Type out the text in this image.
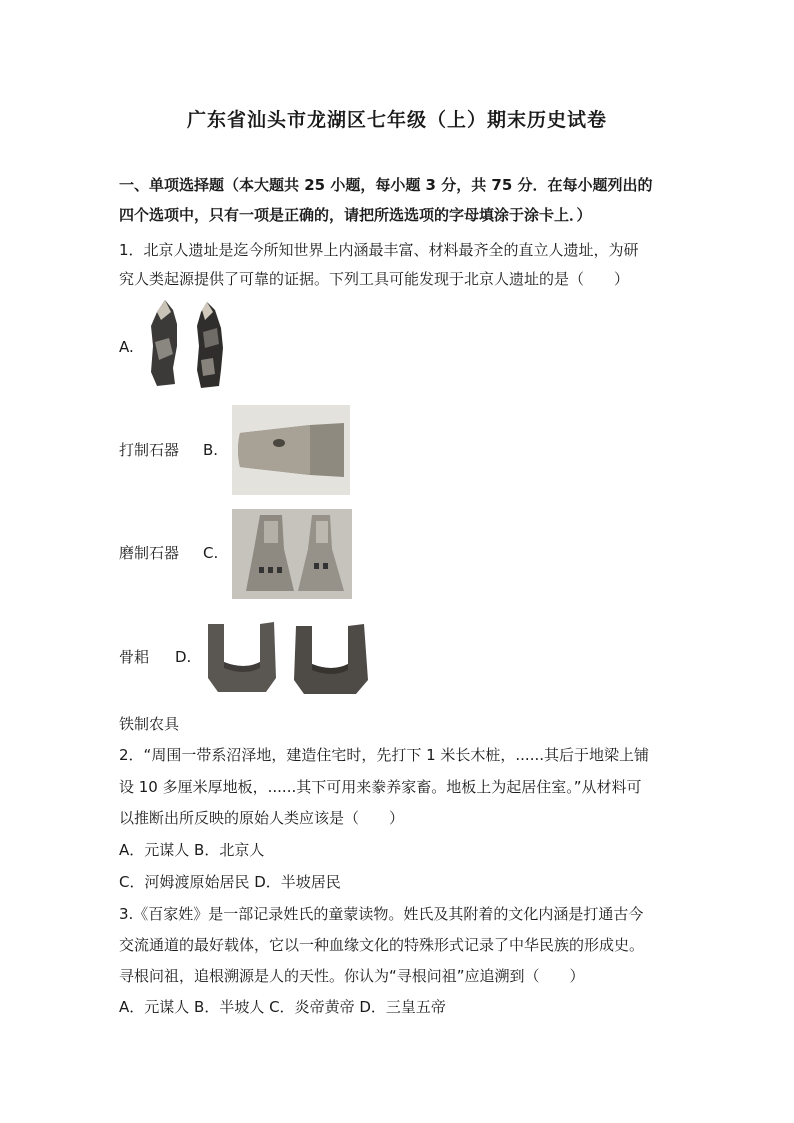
广东省汕头市龙湖区七年级（上）期末历史试卷
一、单项选择题（本大题共 25 小题，每小题 3 分，共 75 分．在每小题列出的
四个选项中，只有一项是正确的，请把所选选项的字母填涂于涂卡上．）
1．北京人遗址是迄今所知世界上内涵最丰富、材料最齐全的直立人遗址，为研
究人类起源提供了可靠的证据。下列工具可能发现于北京人遗址的是（　　）
A.
打制石器 B.
磨制石器 C.
骨耜 D.
铁制农具
2．“周围一带系沼泽地，建造住宅时，先打下 1 米长木桩，......其后于地梁上铺
设 10 多厘米厚地板，......其下可用来豢养家畜。地板上为起居住室。”从材料可
以推断出所反映的原始人类应该是（　　）
A．元谋人 B．北京人
C．河姆渡原始居民 D．半坡居民
3.《百家姓》是一部记录姓氏的童蒙读物。姓氏及其附着的文化内涵是打通古今
交流通道的最好载体，它以一种血缘文化的特殊形式记录了中华民族的形成史。
寻根问祖，追根溯源是人的天性。你认为“寻根问祖”应追溯到（　　）
A．元谋人 B．半坡人 C．炎帝黄帝 D．三皇五帝
